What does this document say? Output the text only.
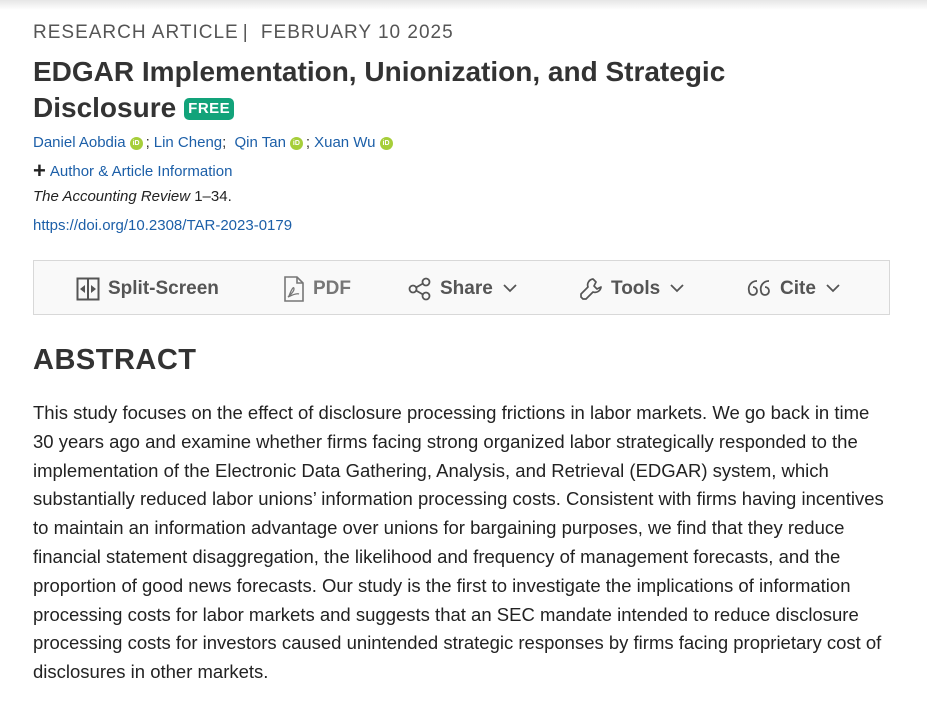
RESEARCH ARTICLE | FEBRUARY 10 2025
EDGAR Implementation, Unionization, and Strategic Disclosure FREE
Daniel Aobdia iD ; Lin Cheng; Qin Tan iD ; Xuan Wu iD
+ Author & Article Information
The Accounting Review 1–34.
https://doi.org/10.2308/TAR-2023-0179
Split-Screen	PDF	Share	Tools	Cite
ABSTRACT

This study focuses on the effect of disclosure processing frictions in labor markets. We go back in time 30 years ago and examine whether firms facing strong organized labor strategically responded to the implementation of the Electronic Data Gathering, Analysis, and Retrieval (EDGAR) system, which substantially reduced labor unions’ information processing costs. Consistent with firms having incentives to maintain an information advantage over unions for bargaining purposes, we find that they reduce financial statement disaggregation, the likelihood and frequency of management forecasts, and the proportion of good news forecasts. Our study is the first to investigate the implications of information processing costs for labor markets and suggests that an SEC mandate intended to reduce disclosure processing costs for investors caused unintended strategic responses by firms facing proprietary cost of disclosures in other markets.
